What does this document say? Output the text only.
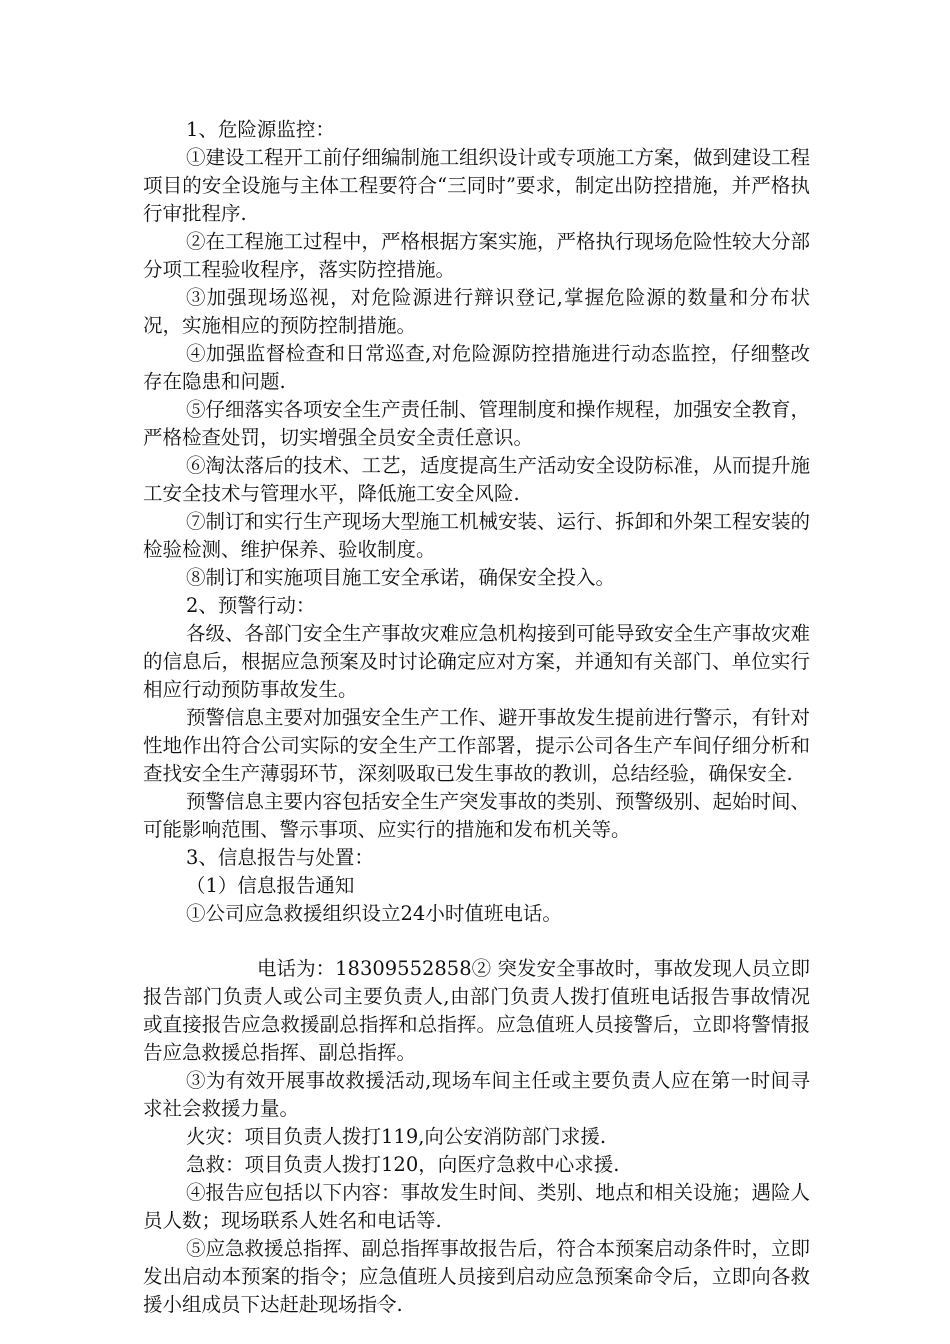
1、危险源监控：

①建设工程开工前仔细编制施工组织设计或专项施工方案，做到建设工程项目的安全设施与主体工程要符合“三同时”要求，制定出防控措施，并严格执行审批程序.

②在工程施工过程中，严格根据方案实施，严格执行现场危险性较大分部分项工程验收程序，落实防控措施。

③加强现场巡视，对危险源进行辩识登记,掌握危险源的数量和分布状况，实施相应的预防控制措施。

④加强监督检查和日常巡查,对危险源防控措施进行动态监控，仔细整改存在隐患和问题.

⑤仔细落实各项安全生产责任制、管理制度和操作规程，加强安全教育，严格检查处罚，切实增强全员安全责任意识。

⑥淘汰落后的技术、工艺，适度提高生产活动安全设防标准，从而提升施工安全技术与管理水平，降低施工安全风险.

⑦制订和实行生产现场大型施工机械安装、运行、拆卸和外架工程安装的检验检测、维护保养、验收制度。

⑧制订和实施项目施工安全承诺，确保安全投入。

2、预警行动：

各级、各部门安全生产事故灾难应急机构接到可能导致安全生产事故灾难的信息后，根据应急预案及时讨论确定应对方案，并通知有关部门、单位实行相应行动预防事故发生。

预警信息主要对加强安全生产工作、避开事故发生提前进行警示，有针对性地作出符合公司实际的安全生产工作部署，提示公司各生产车间仔细分析和查找安全生产薄弱环节，深刻吸取已发生事故的教训，总结经验，确保安全.

预警信息主要内容包括安全生产突发事故的类别、预警级别、起始时间、可能影响范围、警示事项、应实行的措施和发布机关等。

3、信息报告与处置：

（1）信息报告通知

①公司应急救援组织设立24小时值班电话。

电话为：18309552858② 突发安全事故时，事故发现人员立即报告部门负责人或公司主要负责人,由部门负责人拨打值班电话报告事故情况或直接报告应急救援副总指挥和总指挥。应急值班人员接警后，立即将警情报告应急救援总指挥、副总指挥。

③为有效开展事故救援活动,现场车间主任或主要负责人应在第一时间寻求社会救援力量。

火灾：项目负责人拨打119,向公安消防部门求援.

急救：项目负责人拨打120，向医疗急救中心求援.

④报告应包括以下内容：事故发生时间、类别、地点和相关设施；遇险人员人数；现场联系人姓名和电话等.

⑤应急救援总指挥、副总指挥事故报告后，符合本预案启动条件时，立即发出启动本预案的指令；应急值班人员接到启动应急预案命令后，立即向各救援小组成员下达赶赴现场指令.
